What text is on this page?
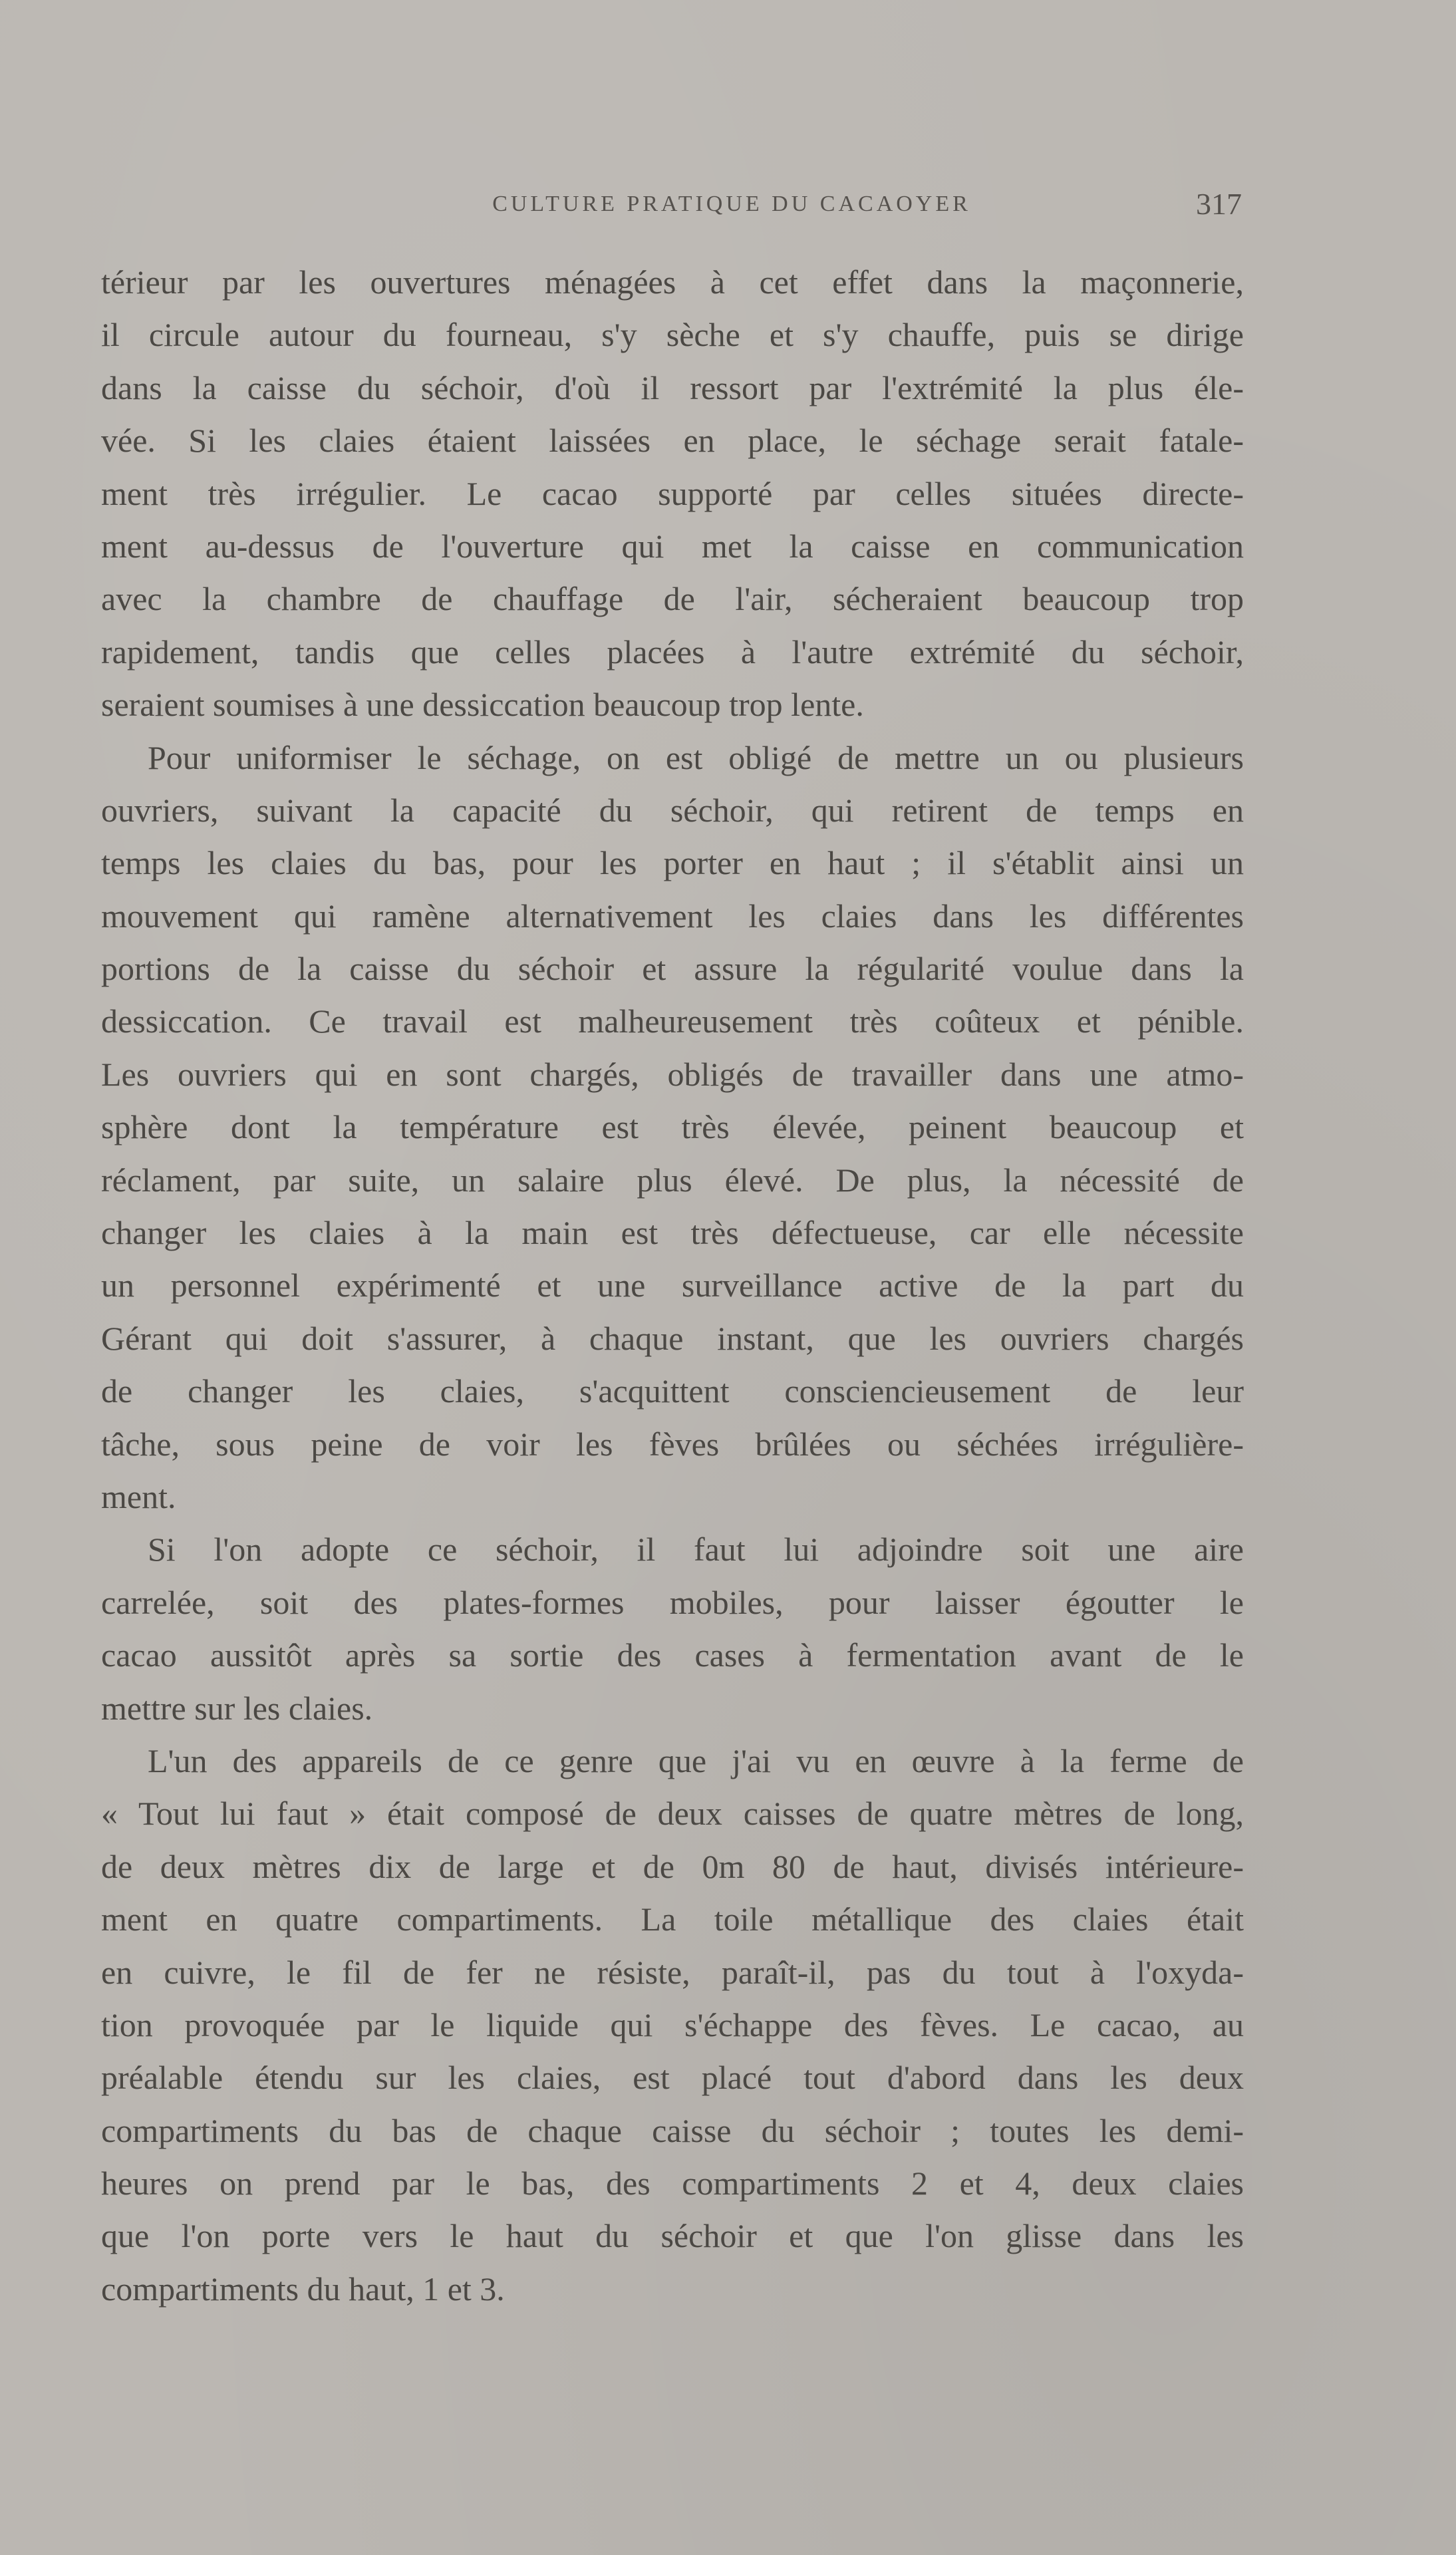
CULTURE PRATIQUE DU CACAOYER	317
térieur par les ouvertures ménagées à cet effet dans la maçonnerie,
il circule autour du fourneau, s'y sèche et s'y chauffe, puis se dirige
dans la caisse du séchoir, d'où il ressort par l'extrémité la plus éle-
vée. Si les claies étaient laissées en place, le séchage serait fatale-
ment très irrégulier. Le cacao supporté par celles situées directe-
ment au-dessus de l'ouverture qui met la caisse en communication
avec la chambre de chauffage de l'air, sécheraient beaucoup trop
rapidement, tandis que celles placées à l'autre extrémité du séchoir,
seraient soumises à une dessiccation beaucoup trop lente.
Pour uniformiser le séchage, on est obligé de mettre un ou plusieurs
ouvriers, suivant la capacité du séchoir, qui retirent de temps en
temps les claies du bas, pour les porter en haut ; il s'établit ainsi un
mouvement qui ramène alternativement les claies dans les différentes
portions de la caisse du séchoir et assure la régularité voulue dans la
dessiccation. Ce travail est malheureusement très coûteux et pénible.
Les ouvriers qui en sont chargés, obligés de travailler dans une atmo-
sphère dont la température est très élevée, peinent beaucoup et
réclament, par suite, un salaire plus élevé. De plus, la nécessité de
changer les claies à la main est très défectueuse, car elle nécessite
un personnel expérimenté et une surveillance active de la part du
Gérant qui doit s'assurer, à chaque instant, que les ouvriers chargés
de changer les claies, s'acquittent consciencieusement de leur
tâche, sous peine de voir les fèves brûlées ou séchées irrégulière-
ment.
Si l'on adopte ce séchoir, il faut lui adjoindre soit une aire
carrelée, soit des plates-formes mobiles, pour laisser égoutter le
cacao aussitôt après sa sortie des cases à fermentation avant de le
mettre sur les claies.
L'un des appareils de ce genre que j'ai vu en œuvre à la ferme de
« Tout lui faut » était composé de deux caisses de quatre mètres de long,
de deux mètres dix de large et de 0m 80 de haut, divisés intérieure-
ment en quatre compartiments. La toile métallique des claies était
en cuivre, le fil de fer ne résiste, paraît-il, pas du tout à l'oxyda-
tion provoquée par le liquide qui s'échappe des fèves. Le cacao, au
préalable étendu sur les claies, est placé tout d'abord dans les deux
compartiments du bas de chaque caisse du séchoir ; toutes les demi-
heures on prend par le bas, des compartiments 2 et 4, deux claies
que l'on porte vers le haut du séchoir et que l'on glisse dans les
compartiments du haut, 1 et 3.
